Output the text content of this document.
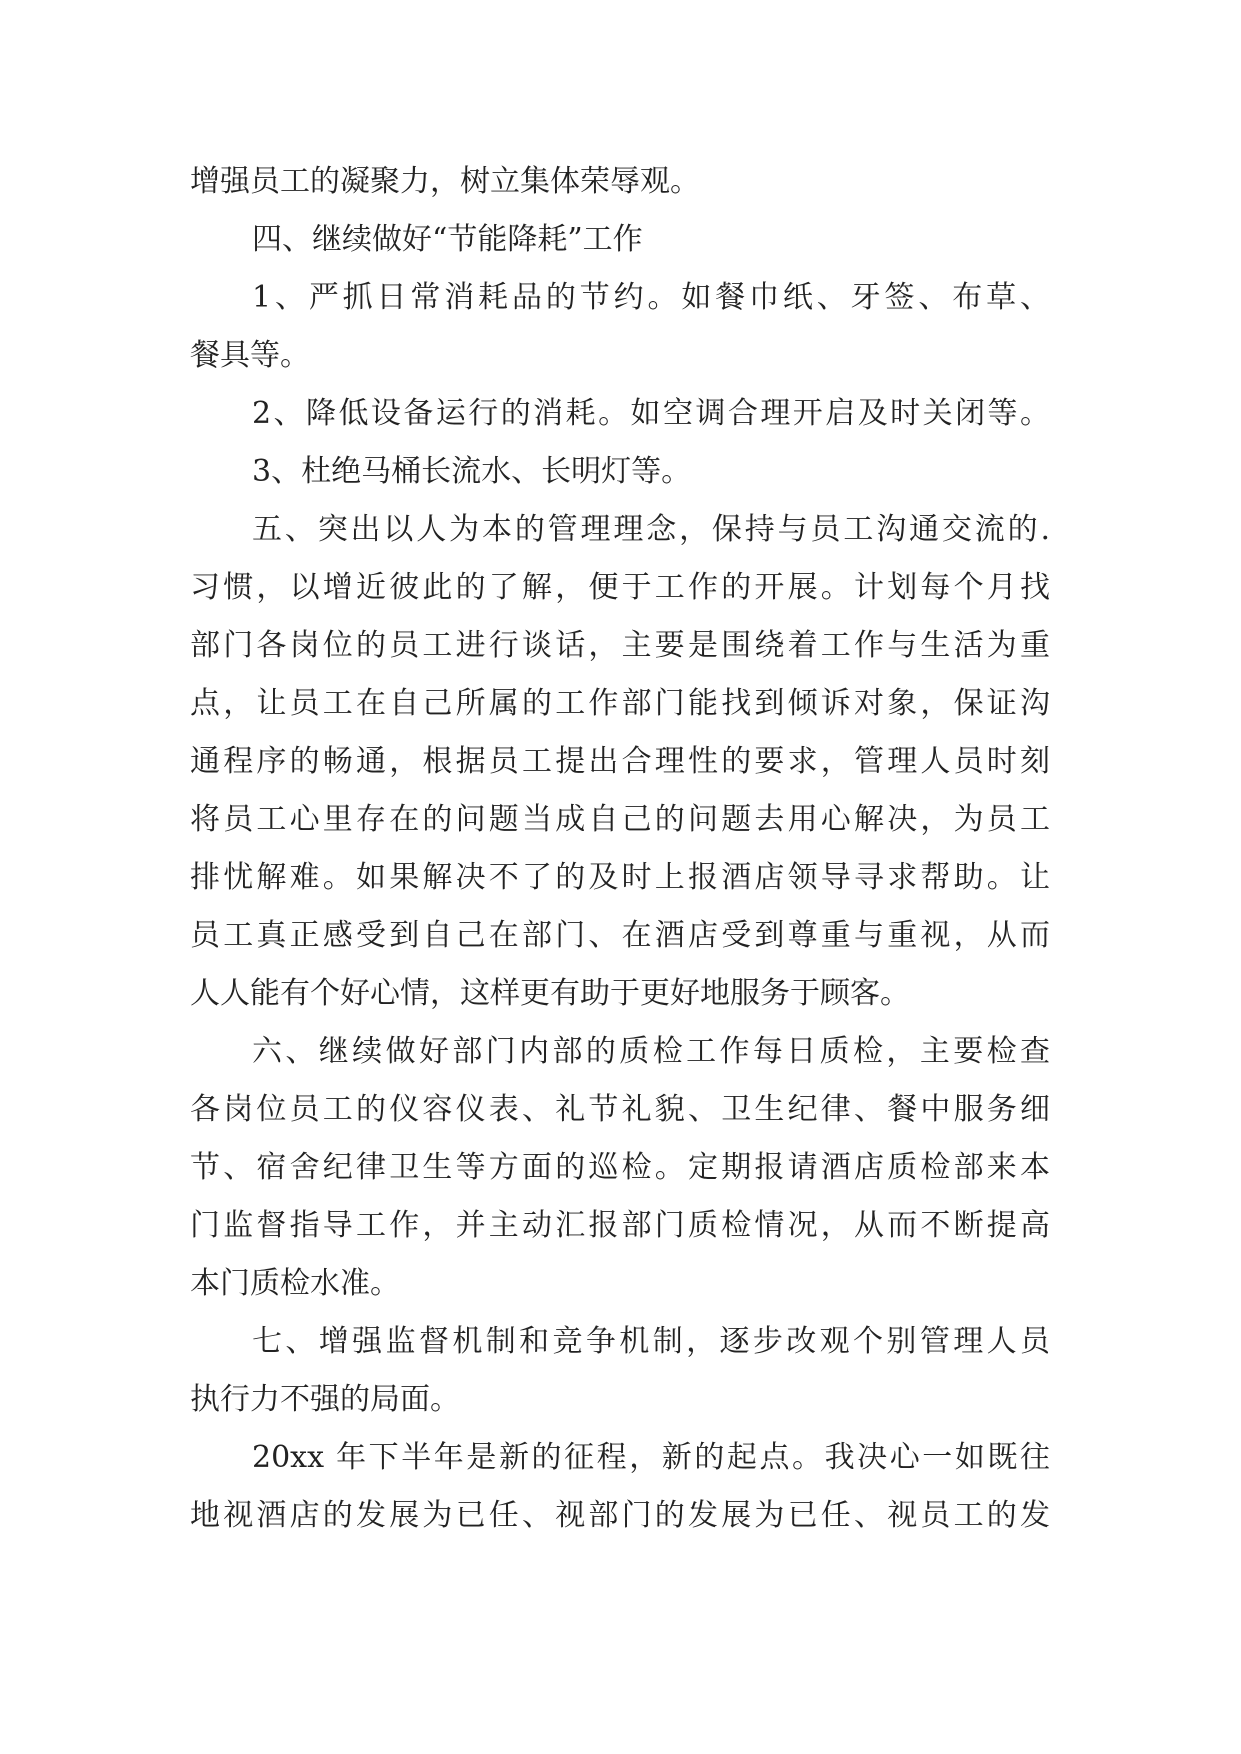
增强员工的凝聚力，树立集体荣辱观。
四、继续做好“节能降耗”工作
1、严抓日常消耗品的节约。如餐巾纸、牙签、布草、
餐具等。
2、降低设备运行的消耗。如空调合理开启及时关闭等。
3、杜绝马桶长流水、长明灯等。
五、突出以人为本的管理理念，保持与员工沟通交流的.
习惯，以增近彼此的了解，便于工作的开展。计划每个月找
部门各岗位的员工进行谈话，主要是围绕着工作与生活为重
点，让员工在自己所属的工作部门能找到倾诉对象，保证沟
通程序的畅通，根据员工提出合理性的要求，管理人员时刻
将员工心里存在的问题当成自己的问题去用心解决，为员工
排忧解难。如果解决不了的及时上报酒店领导寻求帮助。让
员工真正感受到自己在部门、在酒店受到尊重与重视，从而
人人能有个好心情，这样更有助于更好地服务于顾客。
六、继续做好部门内部的质检工作每日质检，主要检查
各岗位员工的仪容仪表、礼节礼貌、卫生纪律、餐中服务细
节、宿舍纪律卫生等方面的巡检。定期报请酒店质检部来本
门监督指导工作，并主动汇报部门质检情况，从而不断提高
本门质检水准。
七、增强监督机制和竞争机制，逐步改观个别管理人员
执行力不强的局面。
20xx 年下半年是新的征程，新的起点。我决心一如既往
地视酒店的发展为已任、视部门的发展为已任、视员工的发
